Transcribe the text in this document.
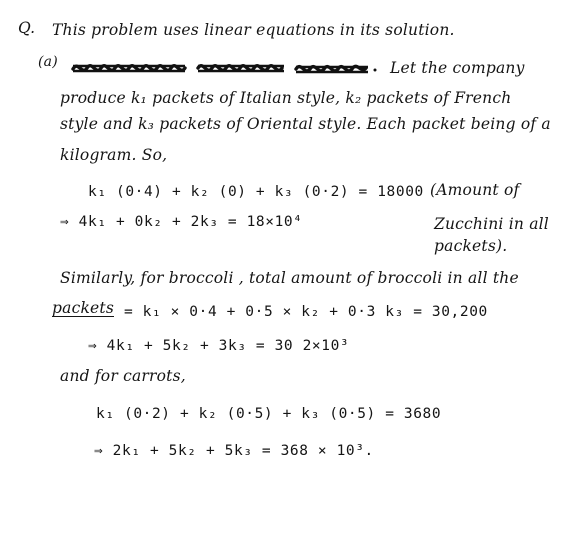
Q. This problem uses linear equations in its solution.
(a)	Let the company
produce k₁ packets of Italian style, k₂ packets of French
style and k₃ packets of Oriental style. Each packet being of a
kilogram. So,
k₁ (0·4) + k₂ (0) + k₃ (0·2) = 18000 (Amount of
⇒ 4k₁ + 0k₂ + 2k₃ = 18×10⁴	Zucchini in all
packets).
Similarly, for broccoli , total amount of broccoli in all the
packets = k₁ × 0·4 + 0·5 × k₂ + 0·3 k₃ = 30,200
⇒ 4k₁ + 5k₂ + 3k₃ = 30 2×10³
and for carrots,
k₁ (0·2) + k₂ (0·5) + k₃ (0·5) = 3680
⇒ 2k₁ + 5k₂ + 5k₃ = 368 × 10³.
